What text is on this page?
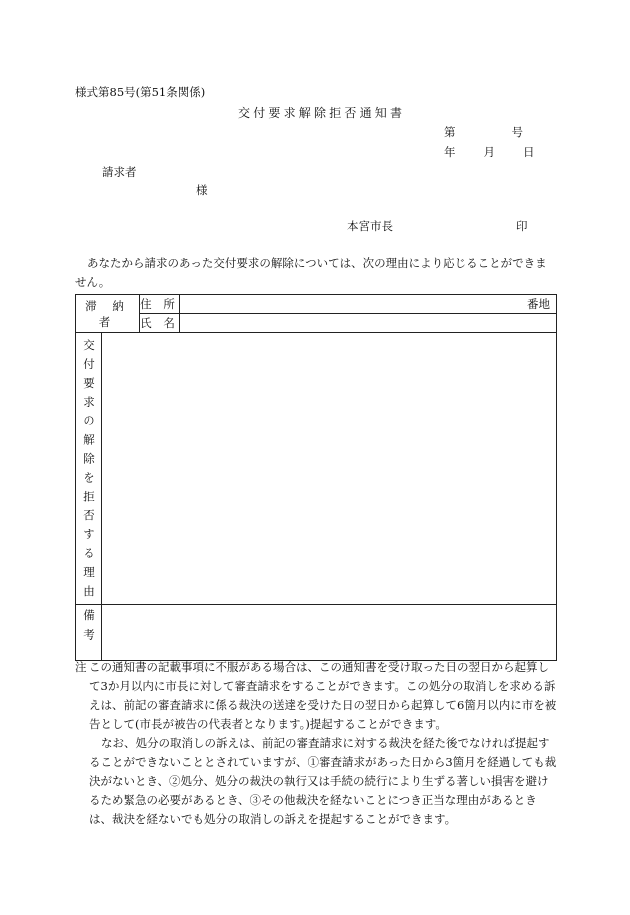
様式第85号(第51条関係)
交付要求解除拒否通知書
第	号
年 月 日
請求者
様
本宮市長	印
あなたから請求のあった交付要求の解除については、次の理由により応じることができません。
滞 納 者		住 所	番地
		氏 名	

交付要求の解除を拒否する理由			

備考			

注 この通知書の記載事項に不服がある場合は、この通知書を受け取った日の翌日から起算して3か月以内に市長に対して審査請求をすることができます。この処分の取消しを求める訴えは、前記の審査請求に係る裁決の送達を受けた日の翌日から起算して6箇月以内に市を被告として(市長が被告の代表者となります。)提起することができます。

なお、処分の取消しの訴えは、前記の審査請求に対する裁決を経た後でなければ提起することができないこととされていますが、①審査請求があった日から3箇月を経過しても裁決がないとき、②処分、処分の裁決の執行又は手続の続行により生ずる著しい損害を避けるため緊急の必要があるとき、③その他裁決を経ないことにつき正当な理由があるときは、裁決を経ないでも処分の取消しの訴えを提起することができます。
